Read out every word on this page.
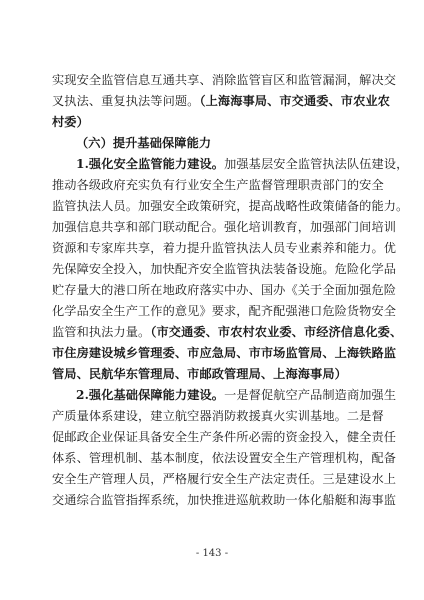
实现安全监管信息互通共享、消除监管盲区和监管漏洞，解决交
叉执法、重复执法等问题。（上海海事局、市交通委、市农业农
村委）
（六）提升基础保障能力
1.强化安全监管能力建设。加强基层安全监管执法队伍建设，
推动各级政府充实负有行业安全生产监督管理职责部门的安全
监管执法人员。加强安全政策研究，提高战略性政策储备的能力。
加强信息共享和部门联动配合。强化培训教育，加强部门间培训
资源和专家库共享，着力提升监管执法人员专业素养和能力。优
先保障安全投入，加快配齐安全监管执法装备设施。危险化学品
贮存量大的港口所在地政府落实中办、国办《关于全面加强危险
化学品安全生产工作的意见》要求，配齐配强港口危险货物安全
监管和执法力量。（市交通委、市农村农业委、市经济信息化委、
市住房建设城乡管理委、市应急局、市市场监管局、上海铁路监
管局、民航华东管理局、市邮政管理局、上海海事局）
2.强化基础保障能力建设。一是督促航空产品制造商加强生
产质量体系建设，建立航空器消防救援真火实训基地。二是督
促邮政企业保证具备安全生产条件所必需的资金投入，健全责任
体系、管理机制、基本制度，依法设置安全生产管理机构，配备
安全生产管理人员，严格履行安全生产法定责任。三是建设水上
交通综合监管指挥系统，加快推进巡航救助一体化船艇和海事监
- 143 -
